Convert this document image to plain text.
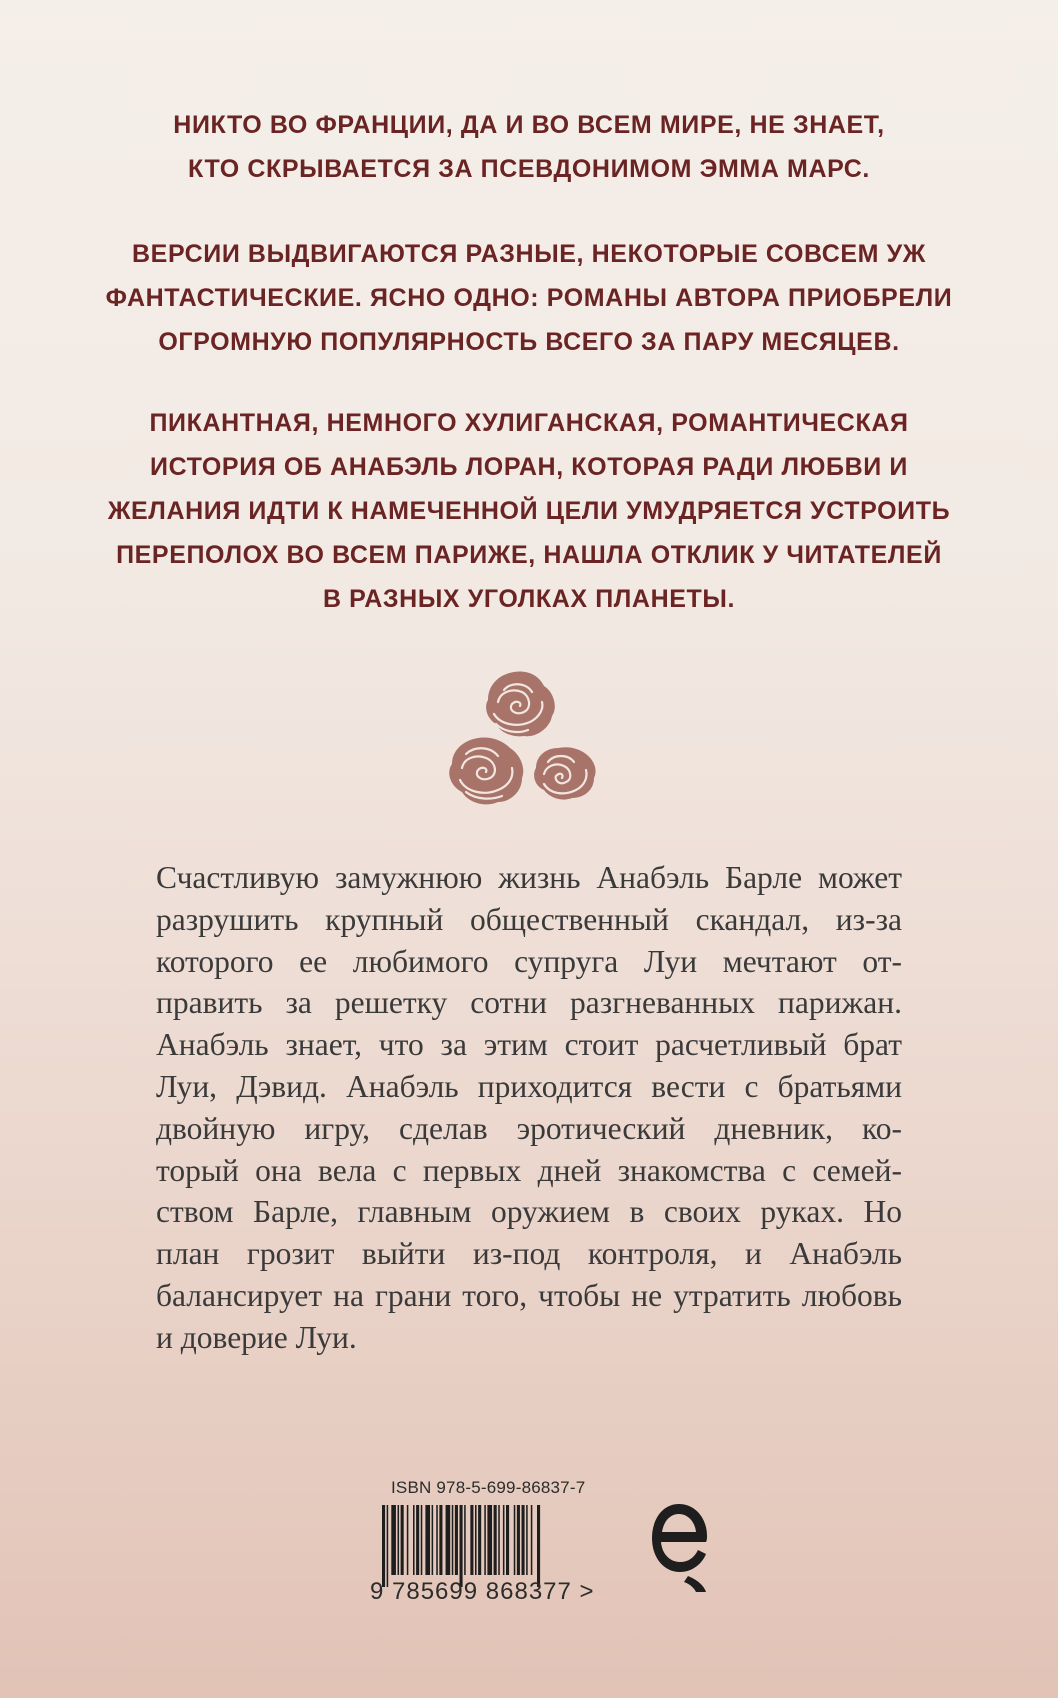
НИКТО ВО ФРАНЦИИ, ДА И ВО ВСЕМ МИРЕ, НЕ ЗНАЕТ,
КТО СКРЫВАЕТСЯ ЗА ПСЕВДОНИМОМ ЭММА МАРС.
ВЕРСИИ ВЫДВИГАЮТСЯ РАЗНЫЕ, НЕКОТОРЫЕ СОВСЕМ УЖ
ФАНТАСТИЧЕСКИЕ. ЯСНО ОДНО: РОМАНЫ АВТОРА ПРИОБРЕЛИ
ОГРОМНУЮ ПОПУЛЯРНОСТЬ ВСЕГО ЗА ПАРУ МЕСЯЦЕВ.
ПИКАНТНАЯ, НЕМНОГО ХУЛИГАНСКАЯ, РОМАНТИЧЕСКАЯ
ИСТОРИЯ ОБ АНАБЭЛЬ ЛОРАН, КОТОРАЯ РАДИ ЛЮБВИ И
ЖЕЛАНИЯ ИДТИ К НАМЕЧЕННОЙ ЦЕЛИ УМУДРЯЕТСЯ УСТРОИТЬ
ПЕРЕПОЛОХ ВО ВСЕМ ПАРИЖЕ, НАШЛА ОТКЛИК У ЧИТАТЕЛЕЙ
В РАЗНЫХ УГОЛКАХ ПЛАНЕТЫ.
Счастливую замужнюю жизнь Анабэль Барле может
разрушить крупный общественный скандал, из-за
которого ее любимого супруга Луи мечтают от-
править за решетку сотни разгневанных парижан.
Анабэль знает, что за этим стоит расчетливый брат
Луи, Дэвид. Анабэль приходится вести с братьями
двойную игру, сделав эротический дневник, ко-
торый она вела с первых дней знакомства с семей-
ством Барле, главным оружием в своих руках. Но
план грозит выйти из-под контроля, и Анабэль
балансирует на грани того, чтобы не утратить любовь
и доверие Луи.
ISBN 978-5-699-86837-7
9 785699 868377 >
